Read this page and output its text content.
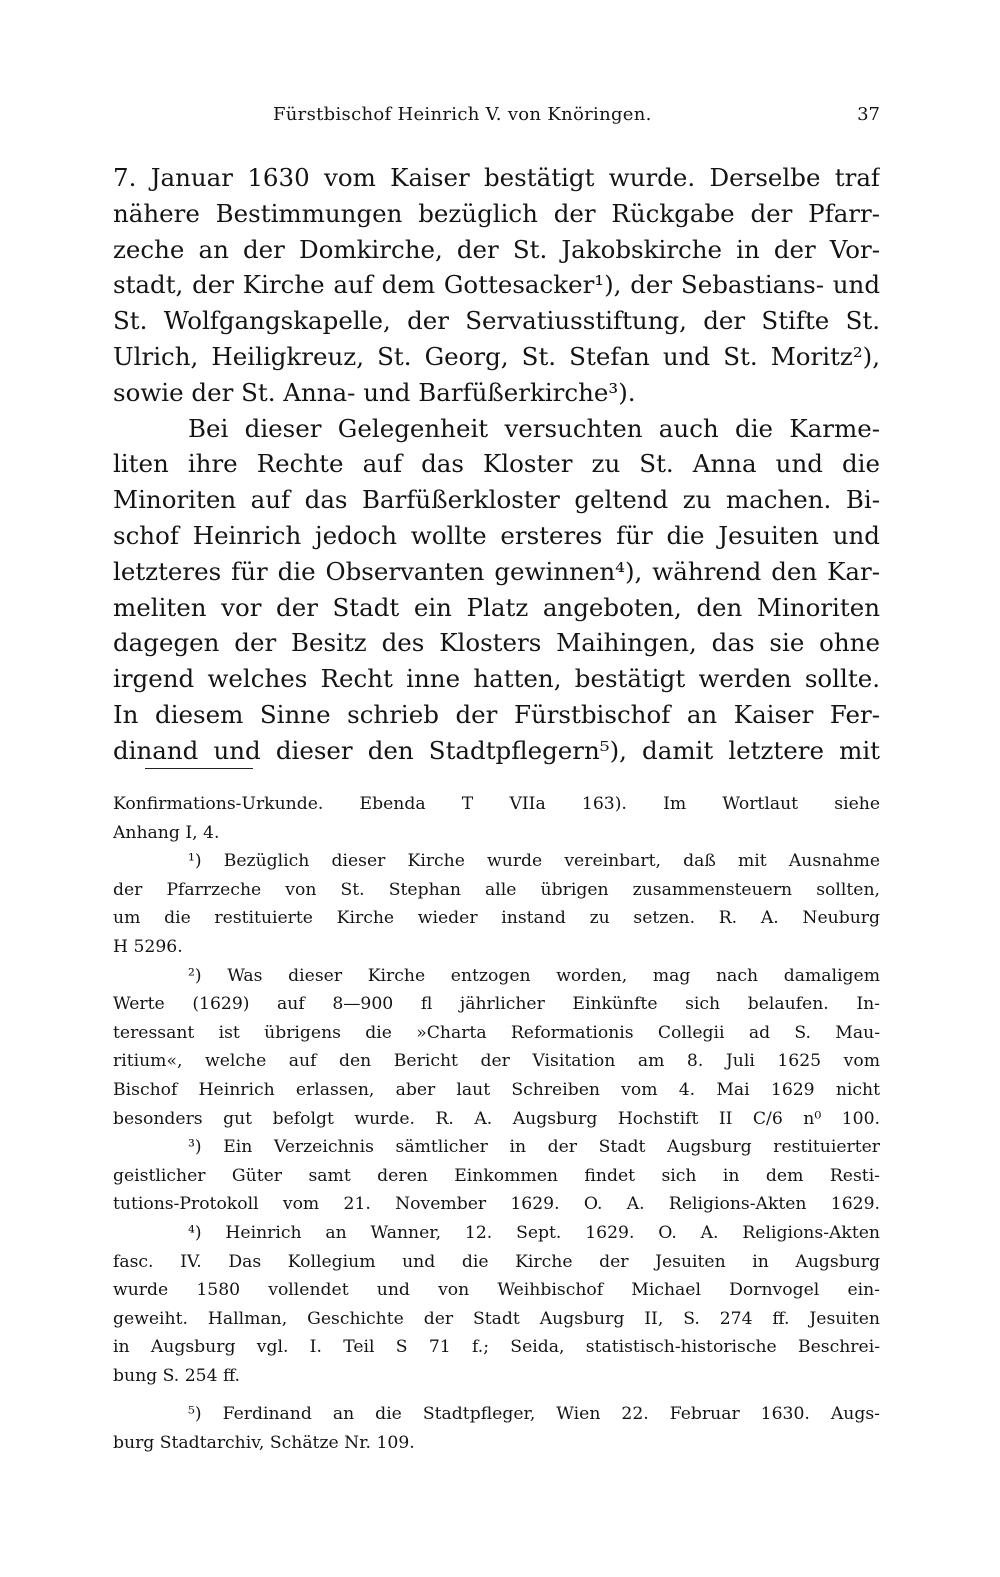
Fürstbischof Heinrich V. von Knöringen.	37
7. Januar 1630 vom Kaiser bestätigt wurde. Derselbe traf
nähere Bestimmungen bezüglich der Rückgabe der Pfarr-
zeche an der Domkirche, der St. Jakobskirche in der Vor-
stadt, der Kirche auf dem Gottesacker¹), der Sebastians- und
St. Wolfgangskapelle, der Servatiusstiftung, der Stifte St.
Ulrich, Heiligkreuz, St. Georg, St. Stefan und St. Moritz²),
sowie der St. Anna- und Barfüßerkirche³).
Bei dieser Gelegenheit versuchten auch die Karme-
liten ihre Rechte auf das Kloster zu St. Anna und die
Minoriten auf das Barfüßerkloster geltend zu machen. Bi-
schof Heinrich jedoch wollte ersteres für die Jesuiten und
letzteres für die Observanten gewinnen⁴), während den Kar-
meliten vor der Stadt ein Platz angeboten, den Minoriten
dagegen der Besitz des Klosters Maihingen, das sie ohne
irgend welches Recht inne hatten, bestätigt werden sollte.
In diesem Sinne schrieb der Fürstbischof an Kaiser Fer-
dinand und dieser den Stadtpflegern⁵), damit letztere mit
Konfirmations-Urkunde. Ebenda T VIIa 163). Im Wortlaut siehe
Anhang I, 4.
¹) Bezüglich dieser Kirche wurde vereinbart, daß mit Ausnahme
der Pfarrzeche von St. Stephan alle übrigen zusammensteuern sollten,
um die restituierte Kirche wieder instand zu setzen. R. A. Neuburg
H 5296.
²) Was dieser Kirche entzogen worden, mag nach damaligem
Werte (1629) auf 8—900 fl jährlicher Einkünfte sich belaufen. In-
teressant ist übrigens die »Charta Reformationis Collegii ad S. Mau-
ritium«, welche auf den Bericht der Visitation am 8. Juli 1625 vom
Bischof Heinrich erlassen, aber laut Schreiben vom 4. Mai 1629 nicht
besonders gut befolgt wurde. R. A. Augsburg Hochstift II C/6 n⁰ 100.
³) Ein Verzeichnis sämtlicher in der Stadt Augsburg restituierter
geistlicher Güter samt deren Einkommen findet sich in dem Resti-
tutions-Protokoll vom 21. November 1629. O. A. Religions-Akten 1629.
⁴) Heinrich an Wanner, 12. Sept. 1629. O. A. Religions-Akten
fasc. IV. Das Kollegium und die Kirche der Jesuiten in Augsburg
wurde 1580 vollendet und von Weihbischof Michael Dornvogel ein-
geweiht. Hallman, Geschichte der Stadt Augsburg II, S. 274 ff. Jesuiten
in Augsburg vgl. I. Teil S 71 f.; Seida, statistisch-historische Beschrei-
bung S. 254 ff.
⁵) Ferdinand an die Stadtpfleger, Wien 22. Februar 1630. Augs-
burg Stadtarchiv, Schätze Nr. 109.
